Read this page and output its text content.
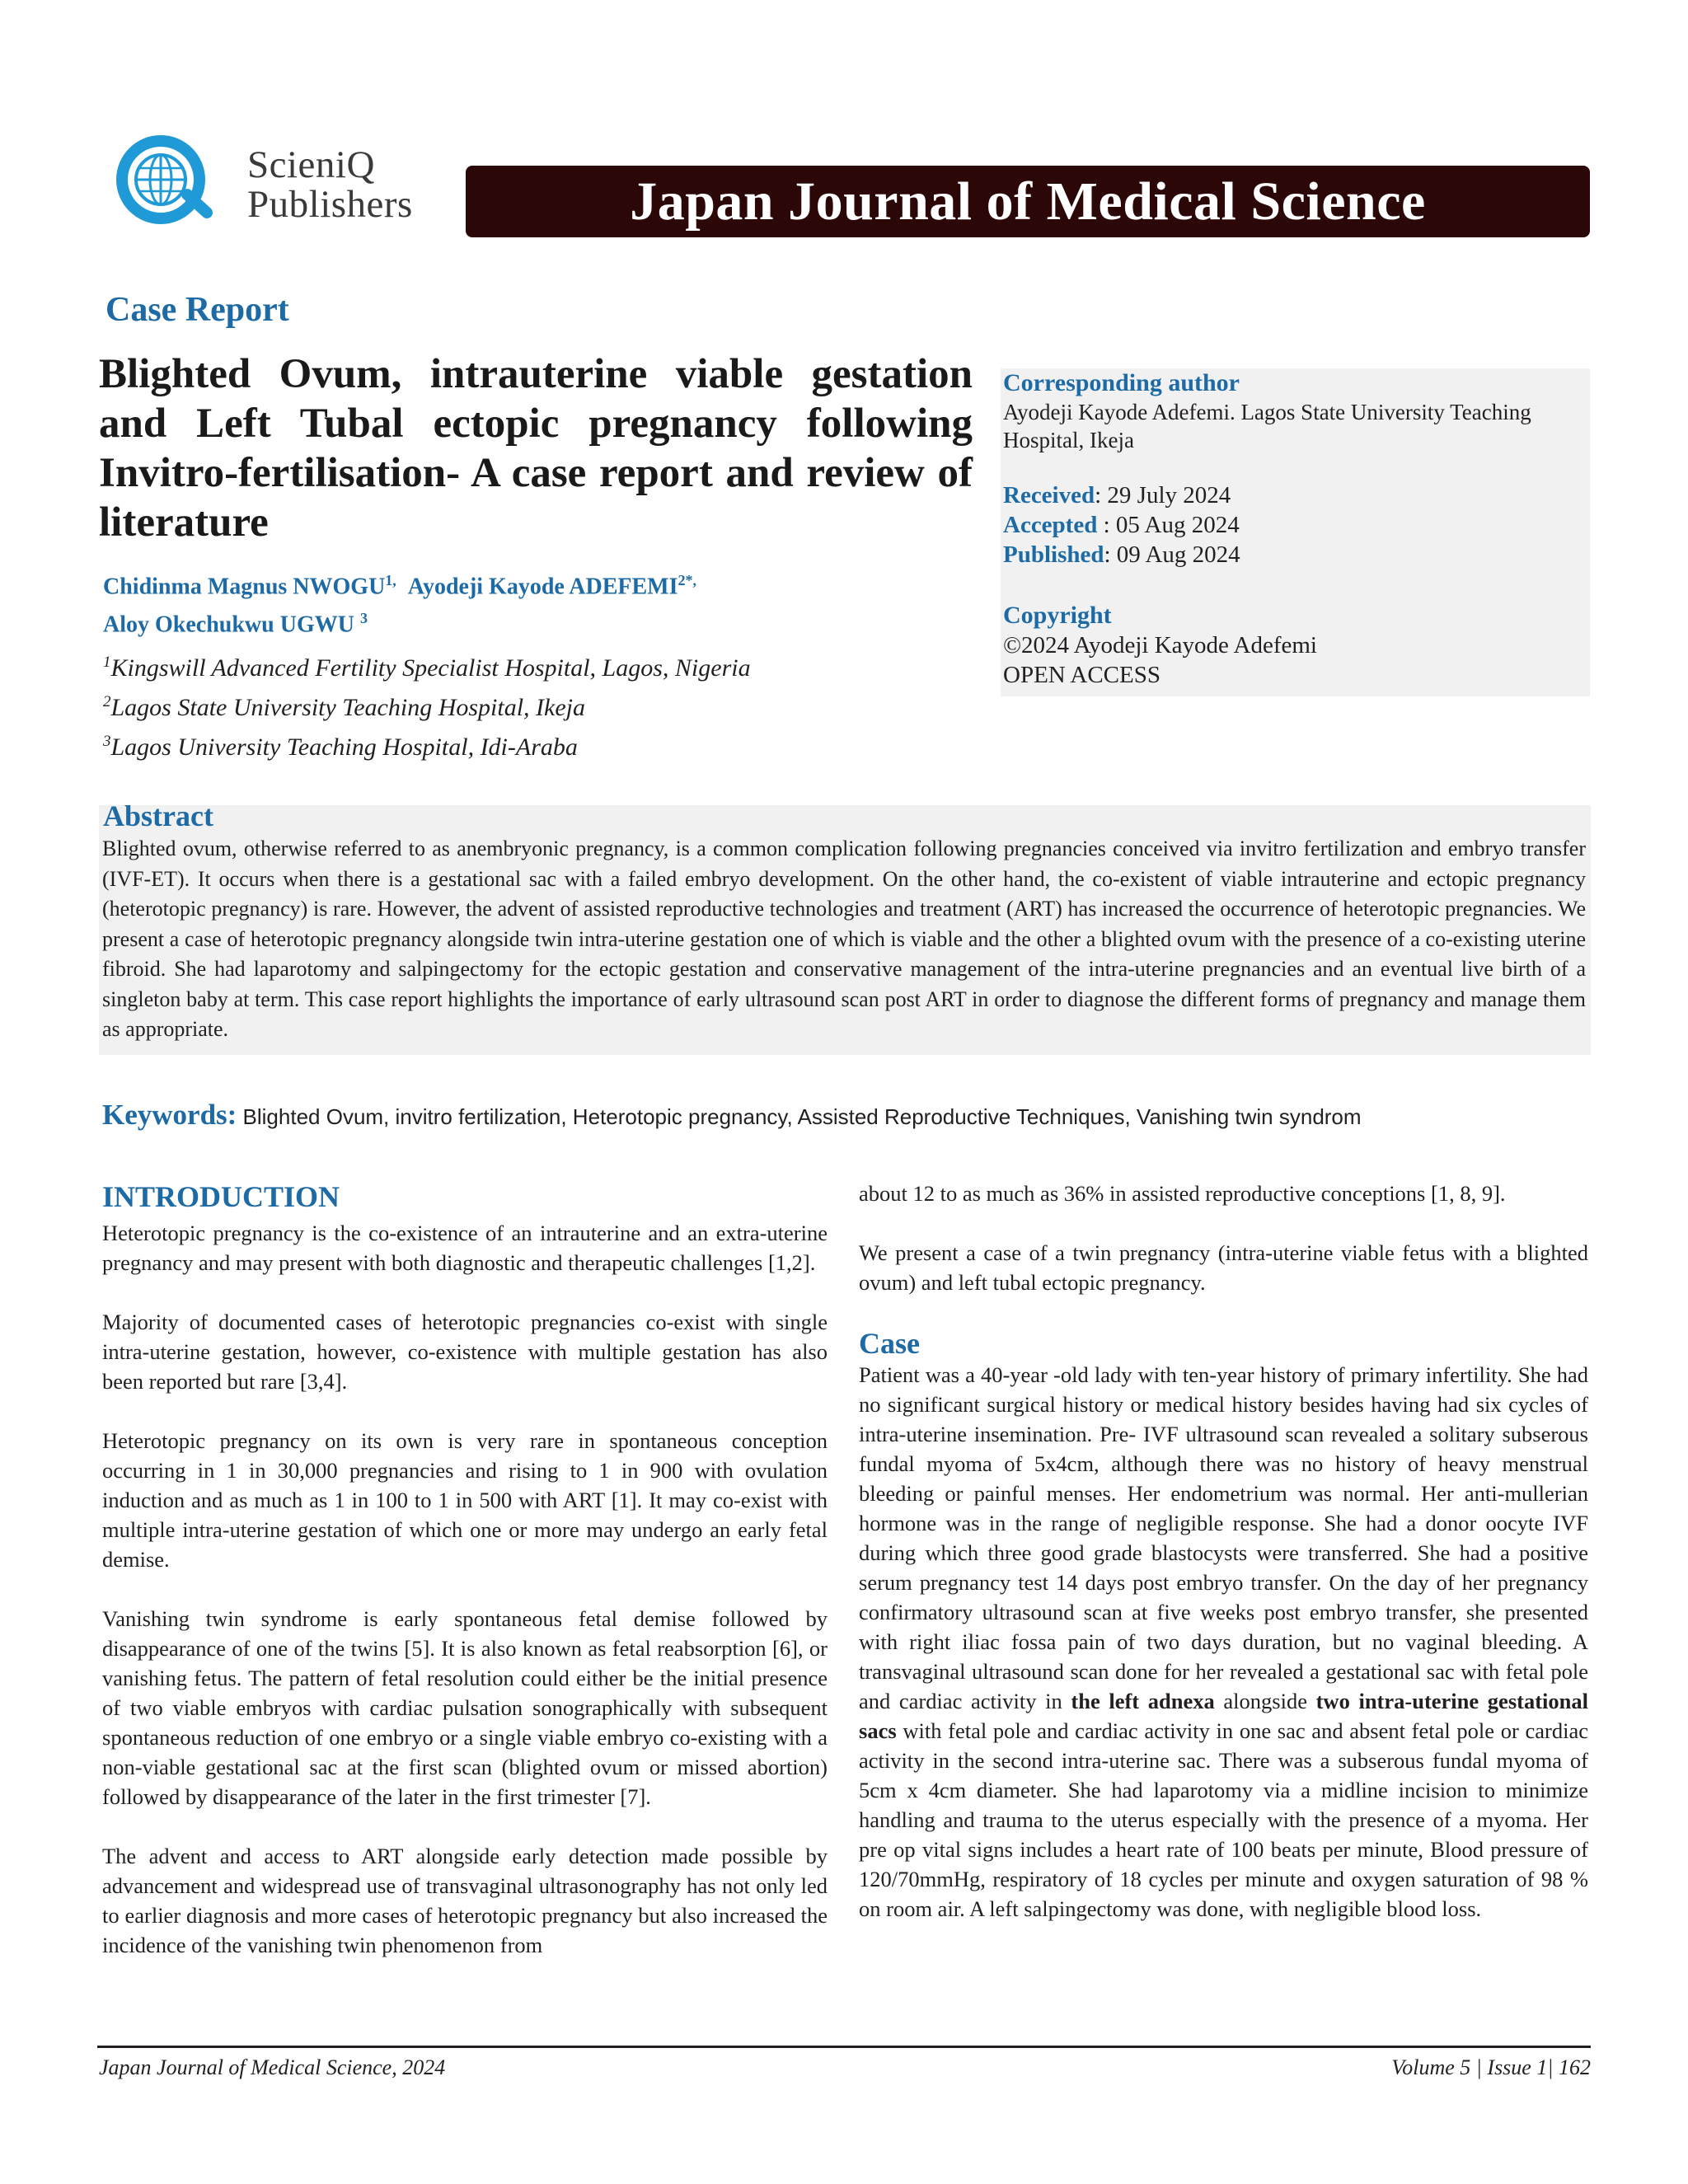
ScieniQ
Publishers	Japan Journal of Medical Science
Case Report
Blighted Ovum, intrauterine viable gestation and Left Tubal ectopic pregnancy following Invitro-fertilisation- A case report and review of literature
Chidinma Magnus $NWOGU^{1,}$ Ayodeji Kayode $ADEFEMI^{2*,}$
Aloy Okechukwu UGWU $^3$
$^1$Kingswill Advanced Fertility Specialist Hospital, Lagos, Nigeria
$^2$Lagos State University Teaching Hospital, Ikeja
$^3$Lagos University Teaching Hospital, Idi-Araba
Corresponding author
Ayodeji Kayode Adefemi. Lagos State University Teaching Hospital, Ikeja
Received: 29 July 2024
Accepted : 05 Aug 2024
Published: 09 Aug 2024
Copyright
©2024 Ayodeji Kayode Adefemi
OPEN ACCESS
Abstract
Blighted ovum, otherwise referred to as anembryonic pregnancy, is a common complication following pregnancies conceived via invitro fertilization and embryo transfer (IVF-ET). It occurs when there is a gestational sac with a failed embryo development. On the other hand, the co-existent of viable intrauterine and ectopic pregnancy (heterotopic pregnancy) is rare. However, the advent of assisted reproductive technologies and treatment (ART) has increased the occurrence of heterotopic pregnancies. We present a case of heterotopic pregnancy alongside twin intra-uterine gestation one of which is viable and the other a blighted ovum with the presence of a co-existing uterine fibroid. She had laparotomy and salpingectomy for the ectopic gestation and conservative management of the intra-uterine pregnancies and an eventual live birth of a singleton baby at term. This case report highlights the importance of early ultrasound scan post ART in order to diagnose the different forms of pregnancy and manage them as appropriate.
Keywords: Blighted Ovum, invitro fertilization, Heterotopic pregnancy, Assisted Reproductive Techniques, Vanishing twin syndrom
INTRODUCTION

Heterotopic pregnancy is the co-existence of an intrauterine and an extra-uterine pregnancy and may present with both diagnostic and therapeutic challenges [1,2].

Majority of documented cases of heterotopic pregnancies co-exist with single intra-uterine gestation, however, co-existence with multiple gestation has also been reported but rare [3,4].

Heterotopic pregnancy on its own is very rare in spontaneous conception occurring in 1 in 30,000 pregnancies and rising to 1 in 900 with ovulation induction and as much as 1 in 100 to 1 in 500 with ART [1]. It may co-exist with multiple intra-uterine gestation of which one or more may undergo an early fetal demise.

Vanishing twin syndrome is early spontaneous fetal demise followed by disappearance of one of the twins [5]. It is also known as fetal reabsorption [6], or vanishing fetus. The pattern of fetal resolution could either be the initial presence of two viable embryos with cardiac pulsation sonographically with subsequent spontaneous reduction of one embryo or a single viable embryo co-existing with a non-viable gestational sac at the first scan (blighted ovum or missed abortion) followed by disappearance of the later in the first trimester [7].

The advent and access to ART alongside early detection made possible by advancement and widespread use of transvaginal ultrasonography has not only led to earlier diagnosis and more cases of heterotopic pregnancy but also increased the incidence of the vanishing twin phenomenon from

about 12 to as much as 36% in assisted reproductive conceptions [1, 8, 9].

We present a case of a twin pregnancy (intra-uterine viable fetus with a blighted ovum) and left tubal ectopic pregnancy.

Case

Patient was a 40-year -old lady with ten-year history of primary infertility. She had no significant surgical history or medical history besides having had six cycles of intra-uterine insemination. Pre- IVF ultrasound scan revealed a solitary subserous fundal myoma of 5x4cm, although there was no history of heavy menstrual bleeding or painful menses. Her endometrium was normal. Her anti-mullerian hormone was in the range of negligible response. She had a donor oocyte IVF during which three good grade blastocysts were transferred. She had a positive serum pregnancy test 14 days post embryo transfer. On the day of her pregnancy confirmatory ultrasound scan at five weeks post embryo transfer, she presented with right iliac fossa pain of two days duration, but no vaginal bleeding. A transvaginal ultrasound scan done for her revealed a gestational sac with fetal pole and cardiac activity in the left adnexa alongside two intra-uterine gestational sacs with fetal pole and cardiac activity in one sac and absent fetal pole or cardiac activity in the second intra-uterine sac. There was a subserous fundal myoma of 5cm x 4cm diameter. She had laparotomy via a midline incision to minimize handling and trauma to the uterus especially with the presence of a myoma. Her pre op vital signs includes a heart rate of 100 beats per minute, Blood pressure of 120/70mmHg, respiratory of 18 cycles per minute and oxygen saturation of 98 % on room air. A left salpingectomy was done, with negligible blood loss.

Japan Journal of Medical Science, 2024	Volume 5 | Issue 1| 162
